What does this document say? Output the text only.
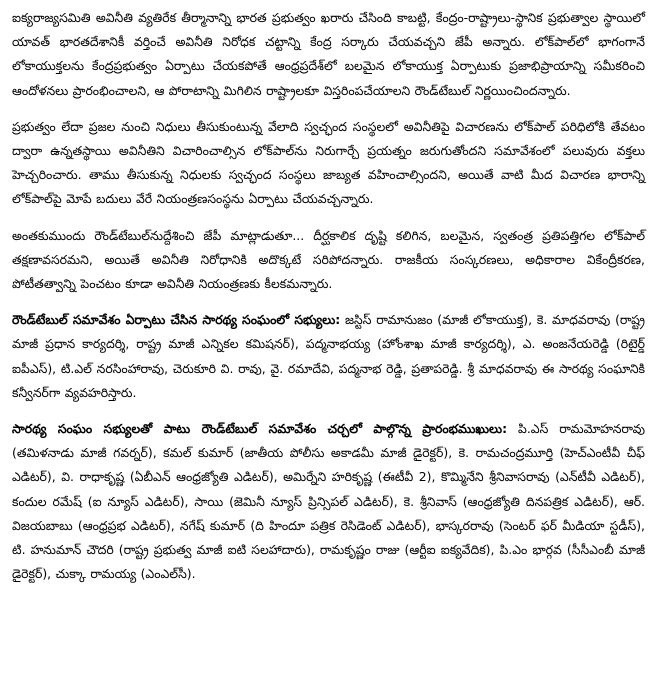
ఐక్యరాజ్యసమితి అవినీతి వ్యతిరేక తీర్మానాన్ని భారత ప్రభుత్వం ఖరారు చేసింది కాబట్టి, కేంద్రం-రాష్ట్రాలు-స్థానిక ప్రభుత్వాల స్థాయిలో యావత్ భారతదేశానికీ వర్తించే అవినీతి నిరోధక చట్టాన్ని కేంద్ర సర్కారు చేయవచ్చని జేపీ అన్నారు. లోక్‌పాల్‌లో భాగంగానే లోకాయుక్తలను కేంద్రప్రభుత్వం ఏర్పాటు చేయకపోతే ఆంధ్రప్రదేశ్‌లో బలమైన లోకాయుక్త ఏర్పాటుకు ప్రజాభిప్రాయాన్ని సమీకరించి ఆందోళనలు ప్రారంభించాలని, ఆ పోరాటాన్ని మిగిలిన రాష్ట్రాలకూ విస్తరింపచేయాలని రౌండ్‌టేబుల్ నిర్ణయించిందన్నారు.

ప్రభుత్వం లేదా ప్రజల నుంచి నిధులు తీసుకుంటున్న వేలాది స్వచ్ఛంద సంస్థలలో అవినీతిపై విచారణను లోక్‌పాల్ పరిధిలోకి తేవటం ద్వారా ఉన్నతస్థాయి అవినీతిని విచారించాల్సిన లోక్‌పాల్‌ను నిరుగార్చే ప్రయత్నం జరుగుతోందని సమావేశంలో పలువురు వక్తలు హెచ్చరించారు. తాము తీసుకున్న నిధులకు స్వచ్ఛంద సంస్థలు జాబ్యత వహించాల్సిందని, అయితే వాటి మీద విచారణ భారాన్ని లోక్‌పాల్‌పై మోపే బదులు వేరే నియంత్రణసంస్థను ఏర్పాటు చేయవచ్చన్నారు.

అంతకుముందు రౌండ్‌టేబుల్‌నుద్దేశించి జేపీ మాట్లాడుతూ... దీర్ఘకాలిక దృష్టి కలిగిన, బలమైన, స్వతంత్ర ప్రతిపత్తిగల లోక్‌పాల్ తక్షణావసరమని, అయితే అవినీతి నిరోధానికి అదొక్కటే సరిపోదన్నారు. రాజకీయ సంస్కరణలు, అధికారాల వికేంద్రీకరణ, పోటీతత్వాన్ని పెంచటం కూడా అవినీతి నియంత్రణకు కీలకమన్నారు.

రౌండ్‌టేబుల్ సమావేశం ఏర్పాటు చేసిన సారథ్య సంఘంలో సభ్యులు: జస్టిస్ రామానుజం (మాజీ లోకాయుక్త), కె. మాధవరావు (రాష్ట్ర మాజీ ప్రధాన కార్యదర్శి, రాష్ట్ర మాజీ ఎన్నికల కమిషనర్), పద్మనాభయ్య (హోంశాఖ మాజీ కార్యదర్శి), ఎ. అంజనేయరెడ్డి (రిటైర్డ్ ఐపీఎస్), టి.ఎల్ నరసింహారావు, చెరుకూరి వి. రావు, వై. రమాదేవి, పద్మనాభ రెడ్డి, ప్రతాపరెడ్డి. శ్రీ మాధవరావు ఈ సారథ్య సంఘానికి కన్వీనర్‌గా వ్యవహరిస్తారు.

సారథ్య సంఘం సభ్యులతో పాటు రౌండ్‌టేబుల్ సమావేశం చర్చలో పాల్గొన్న ప్రారంభముఖులు: పి.ఎస్ రామమోహనరావు (తమిళనాడు మాజీ గవర్నర్), కమల్ కుమార్ (జాతీయ పోలీసు అకాడమీ మాజీ డైరెక్టర్), కె. రామచంద్రమూర్తి (హెచ్ఎంటీవీ చీఫ్ ఎడిటర్), వి. రాధాకృష్ణ (ఏబీఎన్ ఆంధ్రజ్యోతి ఎడిటర్), అమిర్నేని హరికృష్ణ (ఈటీవీ 2), కొమ్మినేని శ్రీనివాసరావు (ఎన్‌టీవీ ఎడిటర్), కందుల రమేష్ (ఐ న్యూస్ ఎడిటర్), సాయి (జెమినీ న్యూస్ ప్రిన్సిపల్ ఎడిటర్), కె. శ్రీనివాస్ (ఆంధ్రజ్యోతి దినపత్రిక ఎడిటర్), ఆర్. విజయబాబు (ఆంధ్రప్రభ ఎడిటర్), నగేష్ కుమార్ (ది హిందూ పత్రిక రెసిడెంట్ ఎడిటర్), భాస్కరరావు (సెంటర్ ఫర్ మీడియా స్టడీస్), టి. హనుమాన్ చౌదరి (రాష్ట్ర ప్రభుత్వ మాజీ ఐటి సలహాదారు), రామకృష్ణం రాజు (ఆర్టీఐ ఐక్యవేదిక), పి.ఎం భార్గవ (సీసీఎంబీ మాజీ డైరెక్టర్), చుక్కా రామయ్య (ఎంఎల్‌సీ).
